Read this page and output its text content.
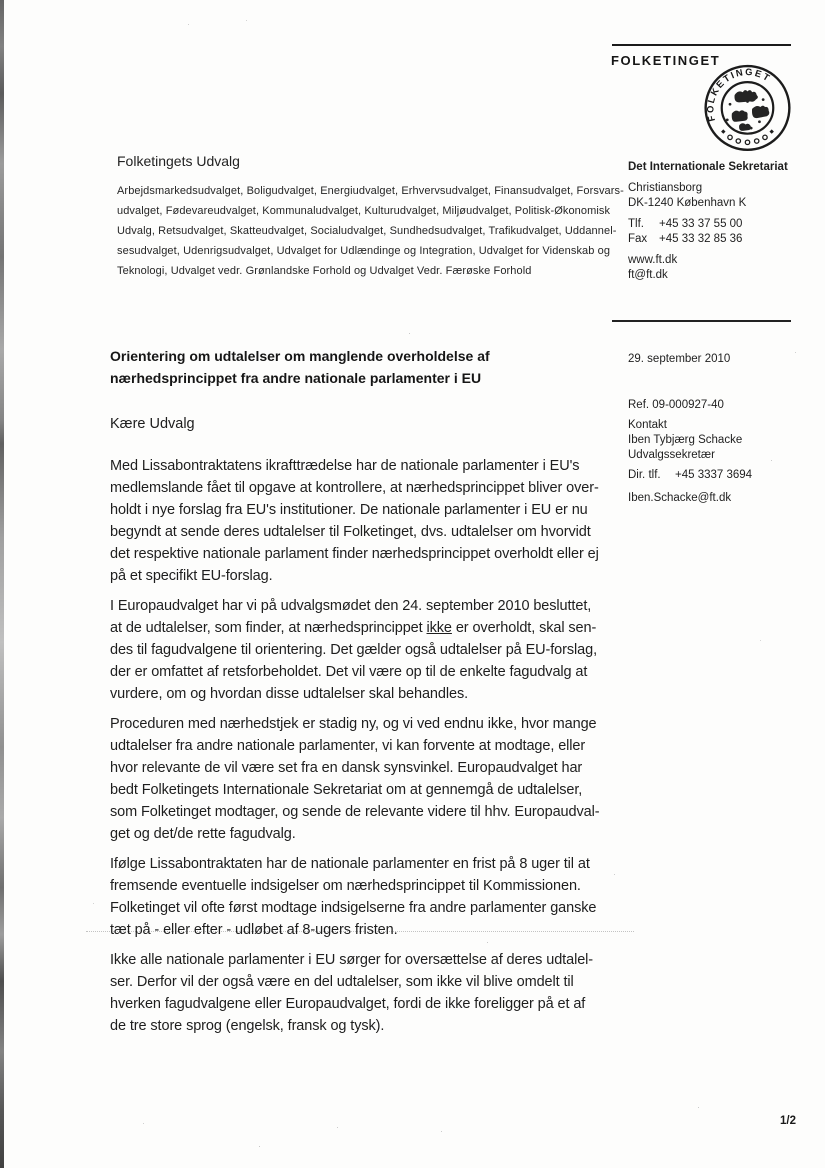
FOLKETINGET
FOLKETINGET
Folketingets Udvalg
Arbejdsmarkedsudvalget, Boligudvalget, Energiudvalget, Erhvervsudvalget, Finansudvalget, Forsvars-
udvalget, Fødevareudvalget, Kommunaludvalget, Kulturudvalget, Miljøudvalget, Politisk-Økonomisk
Udvalg, Retsudvalget, Skatteudvalget, Socialudvalget, Sundhedsudvalget, Trafikudvalget, Uddannel-
sesudvalget, Udenrigsudvalget, Udvalget for Udlændinge og Integration, Udvalget for Videnskab og
Teknologi, Udvalget vedr. Grønlandske Forhold og Udvalget Vedr. Færøske Forhold
Det Internationale Sekretariat
Christiansborg
DK-1240 København K
Tlf. +45 33 37 55 00
Fax +45 33 32 85 36
www.ft.dk
ft@ft.dk
29. september 2010
Ref. 09-000927-40
Kontakt
Iben Tybjærg Schacke
Udvalgssekretær
Dir. tlf. +45 3337 3694
Iben.Schacke@ft.dk
Orientering om udtalelser om manglende overholdelse af
nærhedsprincippet fra andre nationale parlamenter i EU
Kære Udvalg
Med Lissabontraktatens ikrafttrædelse har de nationale parlamenter i EU's
medlemslande fået til opgave at kontrollere, at nærhedsprincippet bliver over-
holdt i nye forslag fra EU's institutioner. De nationale parlamenter i EU er nu
begyndt at sende deres udtalelser til Folketinget, dvs. udtalelser om hvorvidt
det respektive nationale parlament finder nærhedsprincippet overholdt eller ej
på et specifikt EU-forslag.
I Europaudvalget har vi på udvalgsmødet den 24. september 2010 besluttet,
at de udtalelser, som finder, at nærhedsprincippet ikke er overholdt, skal sen-
des til fagudvalgene til orientering. Det gælder også udtalelser på EU-forslag,
der er omfattet af retsforbeholdet. Det vil være op til de enkelte fagudvalg at
vurdere, om og hvordan disse udtalelser skal behandles.
Proceduren med nærhedstjek er stadig ny, og vi ved endnu ikke, hvor mange
udtalelser fra andre nationale parlamenter, vi kan forvente at modtage, eller
hvor relevante de vil være set fra en dansk synsvinkel. Europaudvalget har
bedt Folketingets Internationale Sekretariat om at gennemgå de udtalelser,
som Folketinget modtager, og sende de relevante videre til hhv. Europaudval-
get og det/de rette fagudvalg.
Ifølge Lissabontraktaten har de nationale parlamenter en frist på 8 uger til at
fremsende eventuelle indsigelser om nærhedsprincippet til Kommissionen.
Folketinget vil ofte først modtage indsigelserne fra andre parlamenter ganske
tæt på - eller efter - udløbet af 8-ugers fristen.
Ikke alle nationale parlamenter i EU sørger for oversættelse af deres udtalel-
ser. Derfor vil der også være en del udtalelser, som ikke vil blive omdelt til
hverken fagudvalgene eller Europaudvalget, fordi de ikke foreligger på et af
de tre store sprog (engelsk, fransk og tysk).
1/2
